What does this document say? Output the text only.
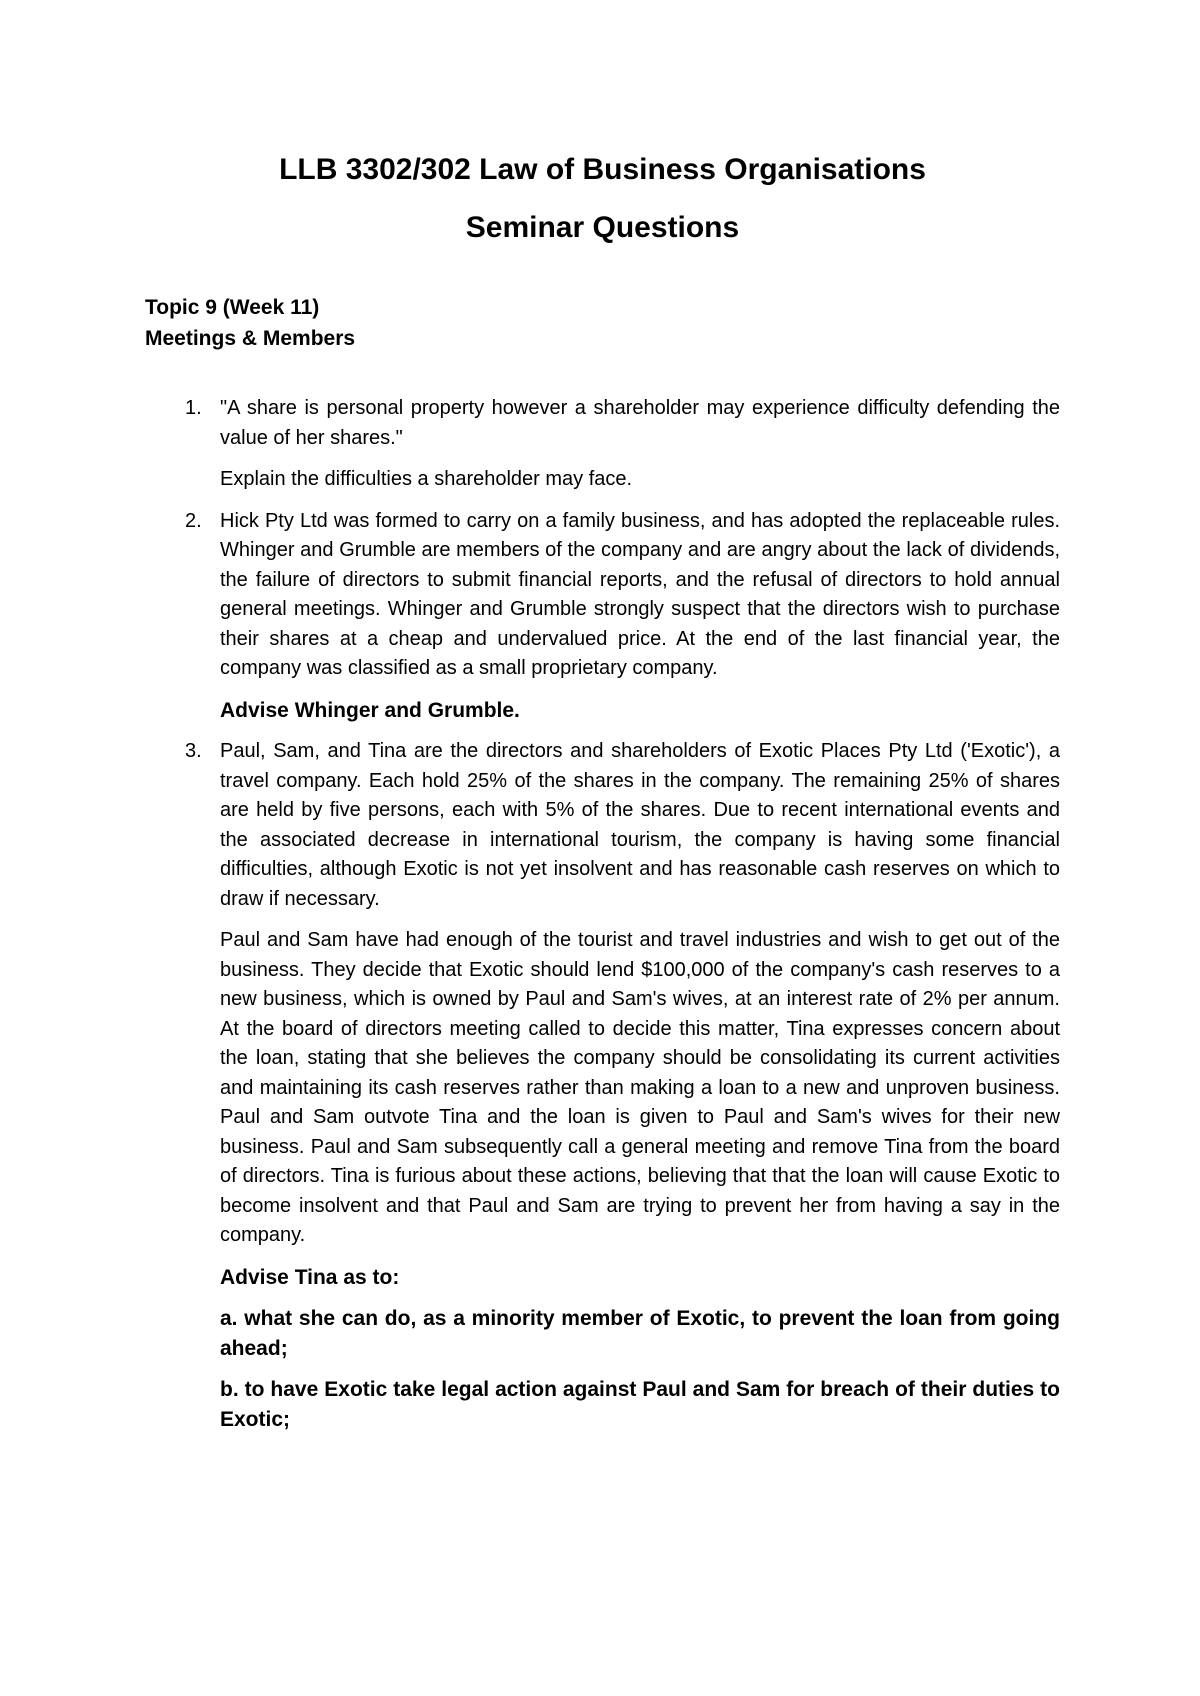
LLB 3302/302 Law of Business Organisations
Seminar Questions
Topic 9 (Week 11)
Meetings & Members
1. "A share is personal property however a shareholder may experience difficulty defending the value of her shares."

Explain the difficulties a shareholder may face.

2. Hick Pty Ltd was formed to carry on a family business, and has adopted the replaceable rules. Whinger and Grumble are members of the company and are angry about the lack of dividends, the failure of directors to submit financial reports, and the refusal of directors to hold annual general meetings. Whinger and Grumble strongly suspect that the directors wish to purchase their shares at a cheap and undervalued price. At the end of the last financial year, the company was classified as a small proprietary company.

Advise Whinger and Grumble.

3. Paul, Sam, and Tina are the directors and shareholders of Exotic Places Pty Ltd ('Exotic'), a travel company. Each hold 25% of the shares in the company. The remaining 25% of shares are held by five persons, each with 5% of the shares. Due to recent international events and the associated decrease in international tourism, the company is having some financial difficulties, although Exotic is not yet insolvent and has reasonable cash reserves on which to draw if necessary.

Paul and Sam have had enough of the tourist and travel industries and wish to get out of the business. They decide that Exotic should lend $100,000 of the company's cash reserves to a new business, which is owned by Paul and Sam's wives, at an interest rate of 2% per annum. At the board of directors meeting called to decide this matter, Tina expresses concern about the loan, stating that she believes the company should be consolidating its current activities and maintaining its cash reserves rather than making a loan to a new and unproven business. Paul and Sam outvote Tina and the loan is given to Paul and Sam's wives for their new business. Paul and Sam subsequently call a general meeting and remove Tina from the board of directors. Tina is furious about these actions, believing that that the loan will cause Exotic to become insolvent and that Paul and Sam are trying to prevent her from having a say in the company.

Advise Tina as to:

a. what she can do, as a minority member of Exotic, to prevent the loan from going ahead;

b. to have Exotic take legal action against Paul and Sam for breach of their duties to Exotic;
